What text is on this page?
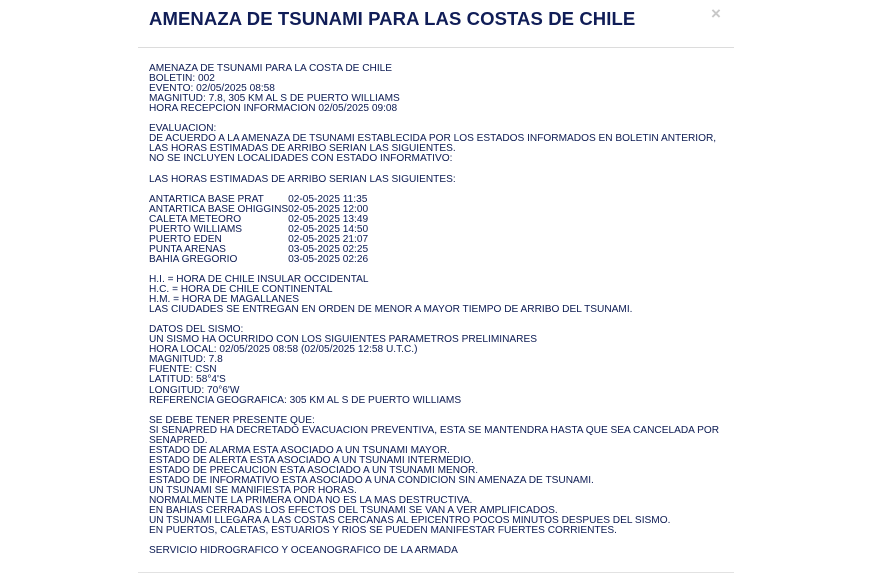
AMENAZA DE TSUNAMI PARA LAS COSTAS DE CHILE	×
AMENAZA DE TSUNAMI PARA LA COSTA DE CHILE
BOLETIN: 002
EVENTO: 02/05/2025 08:58
MAGNITUD: 7.8, 305 KM AL S DE PUERTO WILLIAMS
HORA RECEPCION INFORMACION 02/05/2025 09:08
EVALUACION:
DE ACUERDO A LA AMENAZA DE TSUNAMI ESTABLECIDA POR LOS ESTADOS INFORMADOS EN BOLETIN ANTERIOR,
LAS HORAS ESTIMADAS DE ARRIBO SERIAN LAS SIGUIENTES.
NO SE INCLUYEN LOCALIDADES CON ESTADO INFORMATIVO:
LAS HORAS ESTIMADAS DE ARRIBO SERIAN LAS SIGUIENTES:
ANTARTICA BASE PRAT	02-05-2025 11:35
ANTARTICA BASE OHIGGINS	02-05-2025 12:00
CALETA METEORO	02-05-2025 13:49
PUERTO WILLIAMS	02-05-2025 14:50
PUERTO EDEN	02-05-2025 21:07
PUNTA ARENAS	03-05-2025 02:25
BAHIA GREGORIO	03-05-2025 02:26
H.I. = HORA DE CHILE INSULAR OCCIDENTAL
H.C. = HORA DE CHILE CONTINENTAL
H.M. = HORA DE MAGALLANES
LAS CIUDADES SE ENTREGAN EN ORDEN DE MENOR A MAYOR TIEMPO DE ARRIBO DEL TSUNAMI.
DATOS DEL SISMO:
UN SISMO HA OCURRIDO CON LOS SIGUIENTES PARAMETROS PRELIMINARES
HORA LOCAL: 02/05/2025 08:58 (02/05/2025 12:58 U.T.C.)
MAGNITUD: 7.8
FUENTE: CSN
LATITUD: 58°4'S
LONGITUD: 70°6'W
REFERENCIA GEOGRAFICA: 305 KM AL S DE PUERTO WILLIAMS
SE DEBE TENER PRESENTE QUE:
SI SENAPRED HA DECRETADO EVACUACION PREVENTIVA, ESTA SE MANTENDRA HASTA QUE SEA CANCELADA POR
SENAPRED.
ESTADO DE ALARMA ESTA ASOCIADO A UN TSUNAMI MAYOR.
ESTADO DE ALERTA ESTA ASOCIADO A UN TSUNAMI INTERMEDIO.
ESTADO DE PRECAUCION ESTA ASOCIADO A UN TSUNAMI MENOR.
ESTADO DE INFORMATIVO ESTA ASOCIADO A UNA CONDICION SIN AMENAZA DE TSUNAMI.
UN TSUNAMI SE MANIFIESTA POR HORAS.
NORMALMENTE LA PRIMERA ONDA NO ES LA MAS DESTRUCTIVA.
EN BAHIAS CERRADAS LOS EFECTOS DEL TSUNAMI SE VAN A VER AMPLIFICADOS.
UN TSUNAMI LLEGARA A LAS COSTAS CERCANAS AL EPICENTRO POCOS MINUTOS DESPUES DEL SISMO.
EN PUERTOS, CALETAS, ESTUARIOS Y RIOS SE PUEDEN MANIFESTAR FUERTES CORRIENTES.
SERVICIO HIDROGRAFICO Y OCEANOGRAFICO DE LA ARMADA
